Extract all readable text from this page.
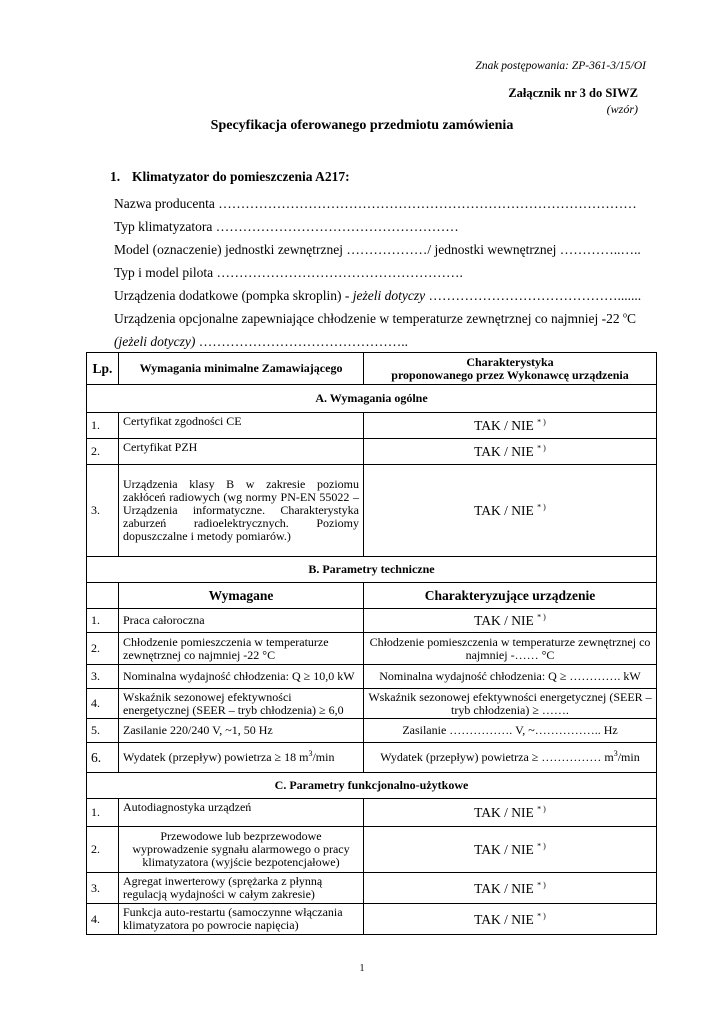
Znak postępowania: ZP-361-3/15/OI
Załącznik nr 3 do SIWZ
(wzór)
Specyfikacja oferowanego przedmiotu zamówienia
1. Klimatyzator do pomieszczenia A217:
Nazwa producenta …………………………………………………………………………………
Typ klimatyzatora ………………………………………………
Model (oznaczenie) jednostki zewnętrznej ………………/ jednostki wewnętrznej …………..…..
Typ i model pilota ……………………………………………….
Urządzenia dodatkowe (pompka skroplin) - jeżeli dotyczy …………………………………….......
Urządzenia opcjonalne zapewniające chłodzenie w temperaturze zewnętrznej co najmniej -22 $^o$C
(jeżeli dotyczy) ………………………………………..
Lp.	Wymagania minimalne Zamawiającego	Charakterystyka
proponowanego przez Wykonawcę urządzenia
A. Wymagania ogólne		
1.	Certyfikat zgodności CE	TAK / NIE * )
2.	Certyfikat PZH	TAK / NIE * )
3.	Urządzenia klasy B w zakresie poziomu zakłóceń radiowych (wg normy PN-EN 55022 – Urządzenia informatyczne. Charakterystyka zaburzeń radioelektrycznych. Poziomy dopuszczalne i metody pomiarów.)	TAK / NIE * )
B. Parametry techniczne		
	Wymagane	Charakteryzujące urządzenie
1.	Praca całoroczna	TAK / NIE * )
2.	Chłodzenie pomieszczenia w temperaturze zewnętrznej co najmniej -22 °C	Chłodzenie pomieszczenia w temperaturze zewnętrznej co najmniej -…… °C
3.	Nominalna wydajność chłodzenia: Q ≥ 10,0 kW	Nominalna wydajność chłodzenia: Q ≥ …………. kW
4.	Wskaźnik sezonowej efektywności energetycznej (SEER – tryb chłodzenia) ≥ 6,0	Wskaźnik sezonowej efektywności energetycznej (SEER – tryb chłodzenia) ≥ …….
5.	Zasilanie 220/240 V, ~1, 50 Hz	Zasilanie ……………. V, ~…………….. Hz
6.	Wydatek (przepływ) powietrza ≥ 18 $m^3/\min$	Wydatek (przepływ) powietrza ≥ …………… $m^3/\min$
C. Parametry funkcjonalno-użytkowe		
1.	Autodiagnostyka urządzeń	TAK / NIE * )
2.	Przewodowe lub bezprzewodowe wyprowadzenie sygnału alarmowego o pracy klimatyzatora (wyjście bezpotencjałowe)	TAK / NIE * )
3.	Agregat inwerterowy (sprężarka z płynną regulacją wydajności w całym zakresie)	TAK / NIE * )
4.	Funkcja auto-restartu (samoczynne włączania klimatyzatora po powrocie napięcia)	TAK / NIE * )
1
